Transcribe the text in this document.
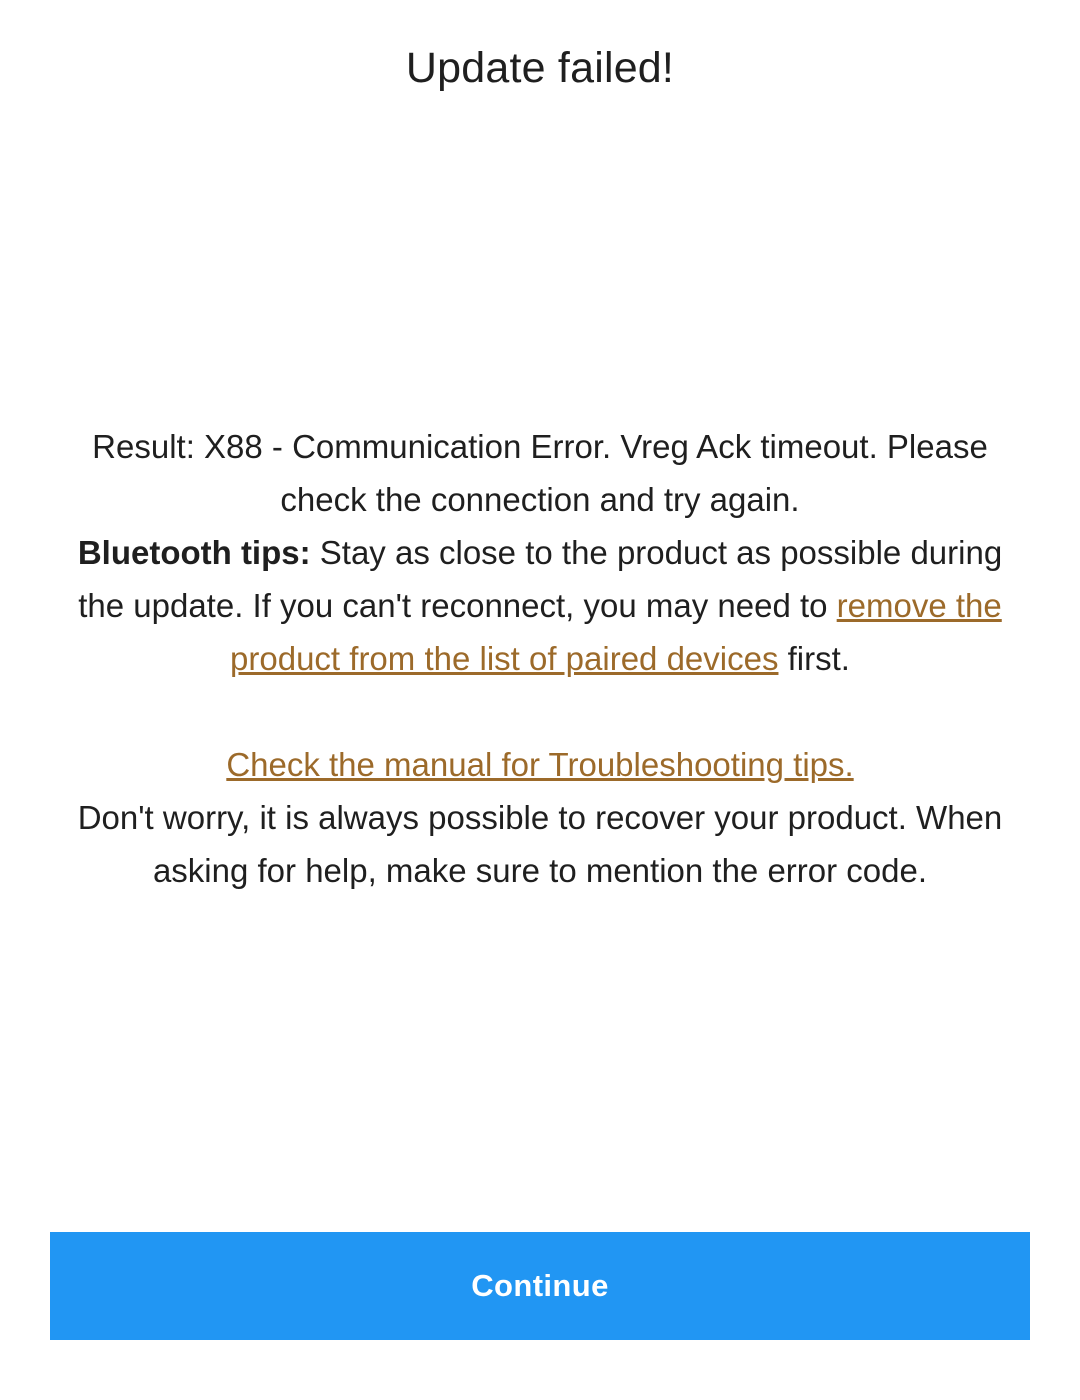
Update failed!
Result: X88 - Communication Error. Vreg Ack timeout. Please check the connection and try again.
Bluetooth tips: Stay as close to the product as possible during the update. If you can't reconnect, you may need to remove the product from the list of paired devices first.
Check the manual for Troubleshooting tips.
Don't worry, it is always possible to recover your product. When asking for help, make sure to mention the error code.
Continue
